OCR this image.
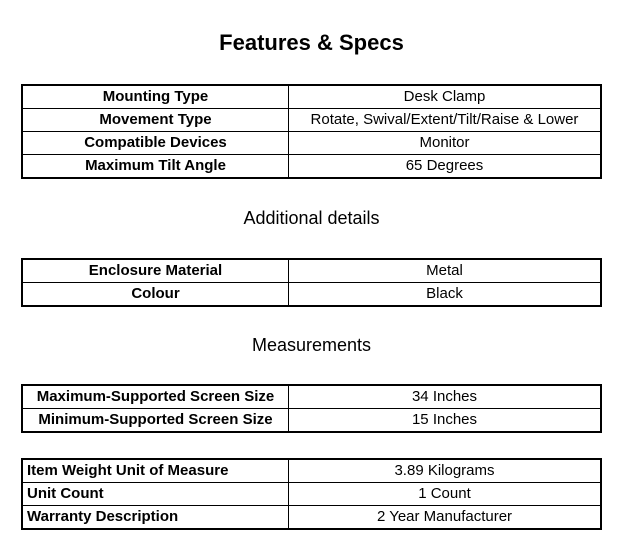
Features & Specs
Mounting Type	Desk Clamp
Movement Type	Rotate, Swival/Extent/Tilt/Raise & Lower
Compatible Devices	Monitor
Maximum Tilt Angle	65 Degrees
Additional details
Enclosure Material	Metal
Colour	Black
Measurements
Maximum-Supported Screen Size	34 Inches
Minimum-Supported Screen Size	15 Inches
Item Weight Unit of Measure	3.89 Kilograms
Unit Count	1 Count
Warranty Description	2 Year Manufacturer
